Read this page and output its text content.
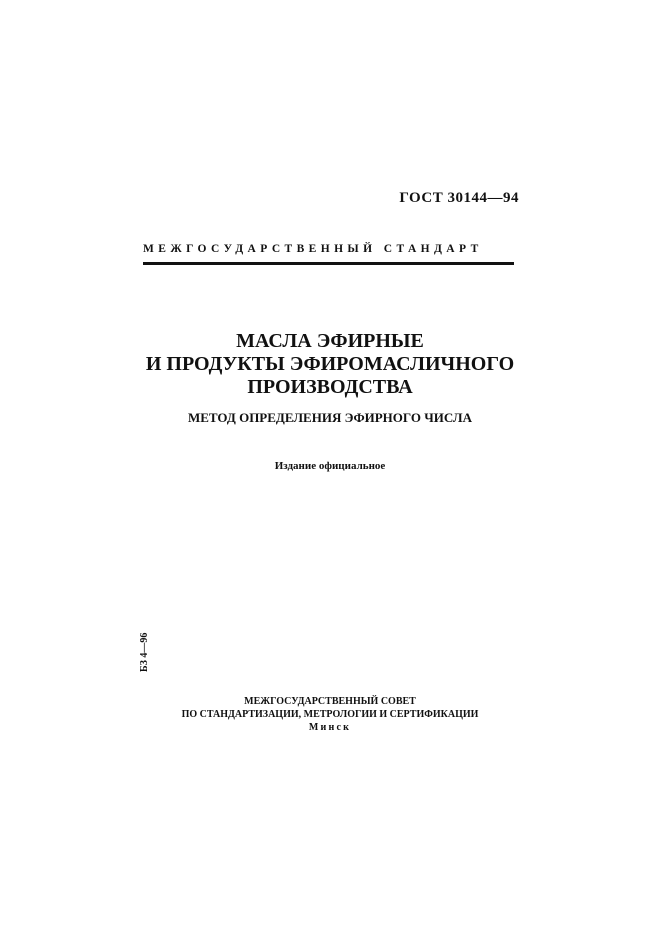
ГОСТ 30144—94
МЕЖГОСУДАРСТВЕННЫЙ СТАНДАРТ
МАСЛА ЭФИРНЫЕ
И ПРОДУКТЫ ЭФИРОМАСЛИЧНОГО
ПРОИЗВОДСТВА
МЕТОД ОПРЕДЕЛЕНИЯ ЭФИРНОГО ЧИСЛА
Издание официальное
БЗ 4—96
МЕЖГОСУДАРСТВЕННЫЙ СОВЕТ
ПО СТАНДАРТИЗАЦИИ, МЕТРОЛОГИИ И СЕРТИФИКАЦИИ
Минск
